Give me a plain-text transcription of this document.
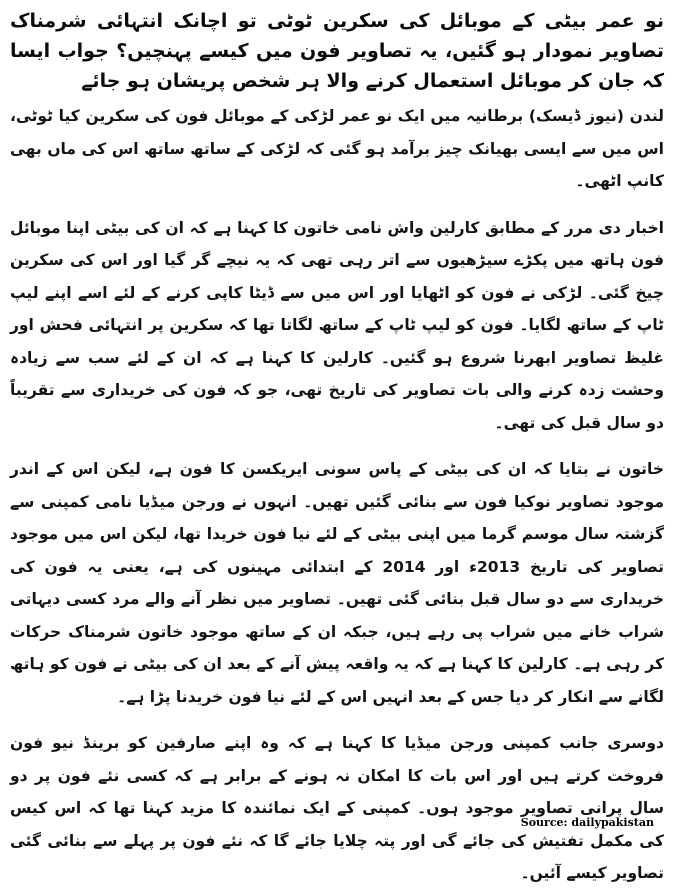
نو عمر بیٹی کے موبائل کی سکرین ٹوٹی تو اچانک انتہائی شرمناک تصاویر نمودار ہو گئیں، یہ تصاویر فون میں کیسے پہنچیں؟ جواب ایسا کہ جان کر موبائل استعمال کرنے والا ہر شخص پریشان ہو جائے

لندن (نیوز ڈیسک) برطانیہ میں ایک نو عمر لڑکی کے موبائل فون کی سکرین کیا ٹوٹی، اس میں سے ایسی بھیانک چیز برآمد ہو گئی کہ لڑکی کے ساتھ ساتھ اس کی ماں بھی کانپ اٹھی۔

اخبار دی مرر کے مطابق کارلین واش نامی خاتون کا کہنا ہے کہ ان کی بیٹی اپنا موبائل فون ہاتھ میں پکڑے سیڑھیوں سے اتر رہی تھی کہ یہ نیچے گر گیا اور اس کی سکرین چیخ گئی۔ لڑکی نے فون کو اٹھایا اور اس میں سے ڈیٹا کاپی کرنے کے لئے اسے اپنے لیپ ٹاپ کے ساتھ لگایا۔ فون کو لیپ ٹاپ کے ساتھ لگاتا تھا کہ سکرین پر انتہائی فحش اور غلیظ تصاویر ابھرنا شروع ہو گئیں۔ کارلین کا کہنا ہے کہ ان کے لئے سب سے زیادہ وحشت زدہ کرنے والی بات تصاویر کی تاریخ تھی، جو کہ فون کی خریداری سے تقریباً دو سال قبل کی تھی۔

خاتون نے بتایا کہ ان کی بیٹی کے پاس سونی ایریکسن کا فون ہے، لیکن اس کے اندر موجود تصاویر نوکیا فون سے بنائی گئیں تھیں۔ انہوں نے ورجن میڈیا نامی کمپنی سے گزشتہ سال موسم گرما میں اپنی بیٹی کے لئے نیا فون خریدا تھا، لیکن اس میں موجود تصاویر کی تاریخ 2013ء اور 2014 کے ابتدائی مہینوں کی ہے، یعنی یہ فون کی خریداری سے دو سال قبل بنائی گئی تھیں۔ تصاویر میں نظر آنے والے مرد کسی دیہاتی شراب خانے میں شراب پی رہے ہیں، جبکہ ان کے ساتھ موجود خاتون شرمناک حرکات کر رہی ہے۔ کارلین کا کہنا ہے کہ یہ واقعہ پیش آنے کے بعد ان کی بیٹی نے فون کو ہاتھ لگانے سے انکار کر دیا جس کے بعد انہیں اس کے لئے نیا فون خریدنا پڑا ہے۔

دوسری جانب کمپنی ورجن میڈیا کا کہنا ہے کہ وہ اپنے صارفین کو برینڈ نیو فون فروخت کرتے ہیں اور اس بات کا امکان نہ ہونے کے برابر ہے کہ کسی نئے فون پر دو سال پرانی تصاویر موجود ہوں۔ کمپنی کے ایک نمائندہ کا مزید کہنا تھا کہ اس کیس کی مکمل تفتیش کی جائے گی اور پتہ چلایا جائے گا کہ نئے فون پر پہلے سے بنائی گئی تصاویر کیسے آئیں۔

Source: dailypakistan
